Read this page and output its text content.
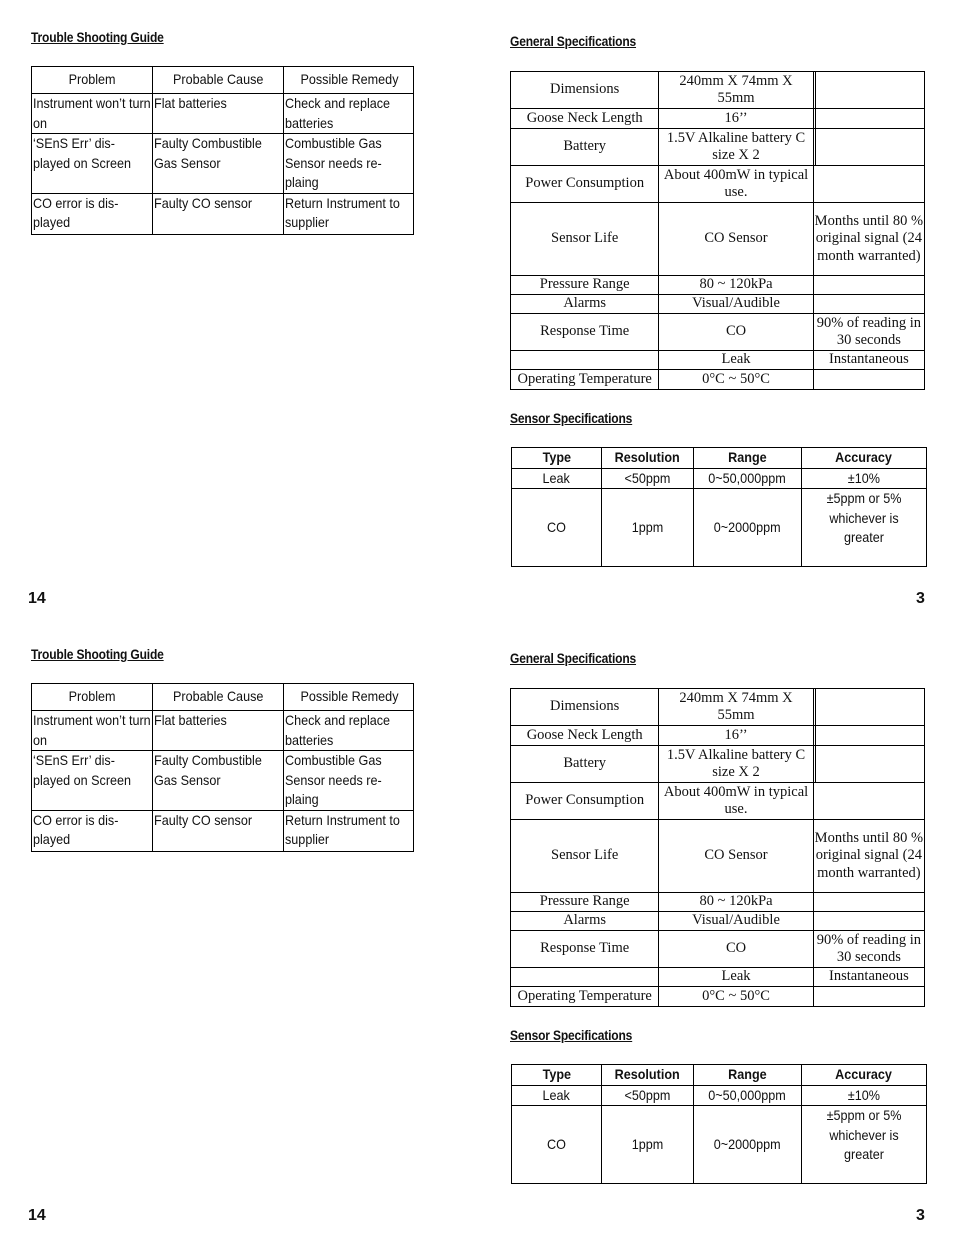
Trouble Shooting Guide
Problem	Probable Cause	Possible Remedy
Instrument won’t turn on	Flat batteries	Check and replace batteries
‘SEnS Err’ dis-played on Screen	Faulty Combustible Gas Sensor	Combustible Gas Sensor needs re-plaing
CO error is dis-played	Faulty CO sensor	Return Instrument to supplier
General Specifications
Dimensions	240mm X 74mm X 55mm	

Goose Neck Length	16’’	

Battery	1.5V Alkaline battery C size X 2	

Power Consumption	About 400mW in typical use.	
Sensor Life	CO Sensor	Months until 80 % original signal (24 month warranted)
Pressure Range	80 ~ 120kPa	
Alarms	Visual/Audible	
Response Time	CO	90% of reading in 30 seconds
	Leak	Instantaneous
Operating Temperature	0°C ~ 50°C	
Sensor Specifications
Type	Resolution	Range	Accuracy
Leak	<50ppm	0~50,000ppm	±10%
CO	1ppm	0~2000ppm	±5ppm or 5% whichever is greater
14	3
Trouble Shooting Guide
Problem	Probable Cause	Possible Remedy
Instrument won’t turn on	Flat batteries	Check and replace batteries
‘SEnS Err’ dis-played on Screen	Faulty Combustible Gas Sensor	Combustible Gas Sensor needs re-plaing
CO error is dis-played	Faulty CO sensor	Return Instrument to supplier
General Specifications
Dimensions	240mm X 74mm X 55mm	

Goose Neck Length	16’’	

Battery	1.5V Alkaline battery C size X 2	

Power Consumption	About 400mW in typical use.	
Sensor Life	CO Sensor	Months until 80 % original signal (24 month warranted)
Pressure Range	80 ~ 120kPa	
Alarms	Visual/Audible	
Response Time	CO	90% of reading in 30 seconds
	Leak	Instantaneous
Operating Temperature	0°C ~ 50°C	
Sensor Specifications
Type	Resolution	Range	Accuracy
Leak	<50ppm	0~50,000ppm	±10%
CO	1ppm	0~2000ppm	±5ppm or 5% whichever is greater
14	3
